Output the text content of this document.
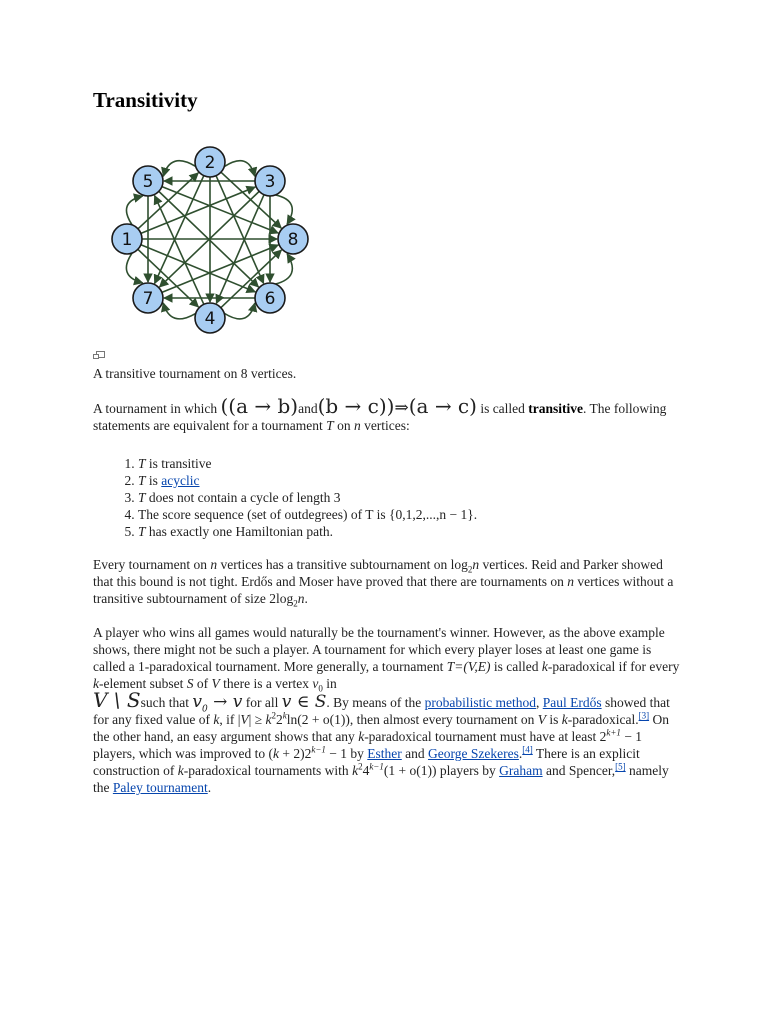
Transitivity
2
3
8
6
4
7
1
5

A transitive tournament on 8 vertices.

A tournament in which ((a → b)and(b → c))⇒(a → c) is called transitive. The following statements are equivalent for a tournament T on n vertices:

1. T is transitive
2. T is acyclic
3. T does not contain a cycle of length 3
4. The score sequence (set of outdegrees) of T is {0,1,2,...,n − 1}.
5. T has exactly one Hamiltonian path.

Every tournament on n vertices has a transitive subtournament on $\log_2n$ vertices. Reid and Parker showed that this bound is not tight. Erdős and Moser have proved that there are tournaments on n vertices without a transitive subtournament of size $2\log_2n$.

A player who wins all games would naturally be the tournament's winner. However, as the above example shows, there might not be such a player. A tournament for which every player loses at least one game is called a 1-paradoxical tournament. More generally, a tournament T=(V,E) is called k-paradoxical if for every k-element subset S of V there is a vertex $v_0$ in
V \ Ssuch that $v_0 \to v$ for all v ∈ S. By means of the probabilistic method, Paul Erdős showed that for any fixed value of k, if $|V| \ge k^22^k\ln(2 + o(1))$, then almost every tournament on V is k-paradoxical.[3] On the other hand, an easy argument shows that any k-paradoxical tournament must have at least $2^{k+1} - 1$ players, which was improved to $(k + 2)2^{k-1} - 1$ by Esther and George Szekeres.[4] There is an explicit construction of k-paradoxical tournaments with $k^24^{k-1}(1 + o(1))$ players by Graham and Spencer,[5] namely the Paley tournament.
